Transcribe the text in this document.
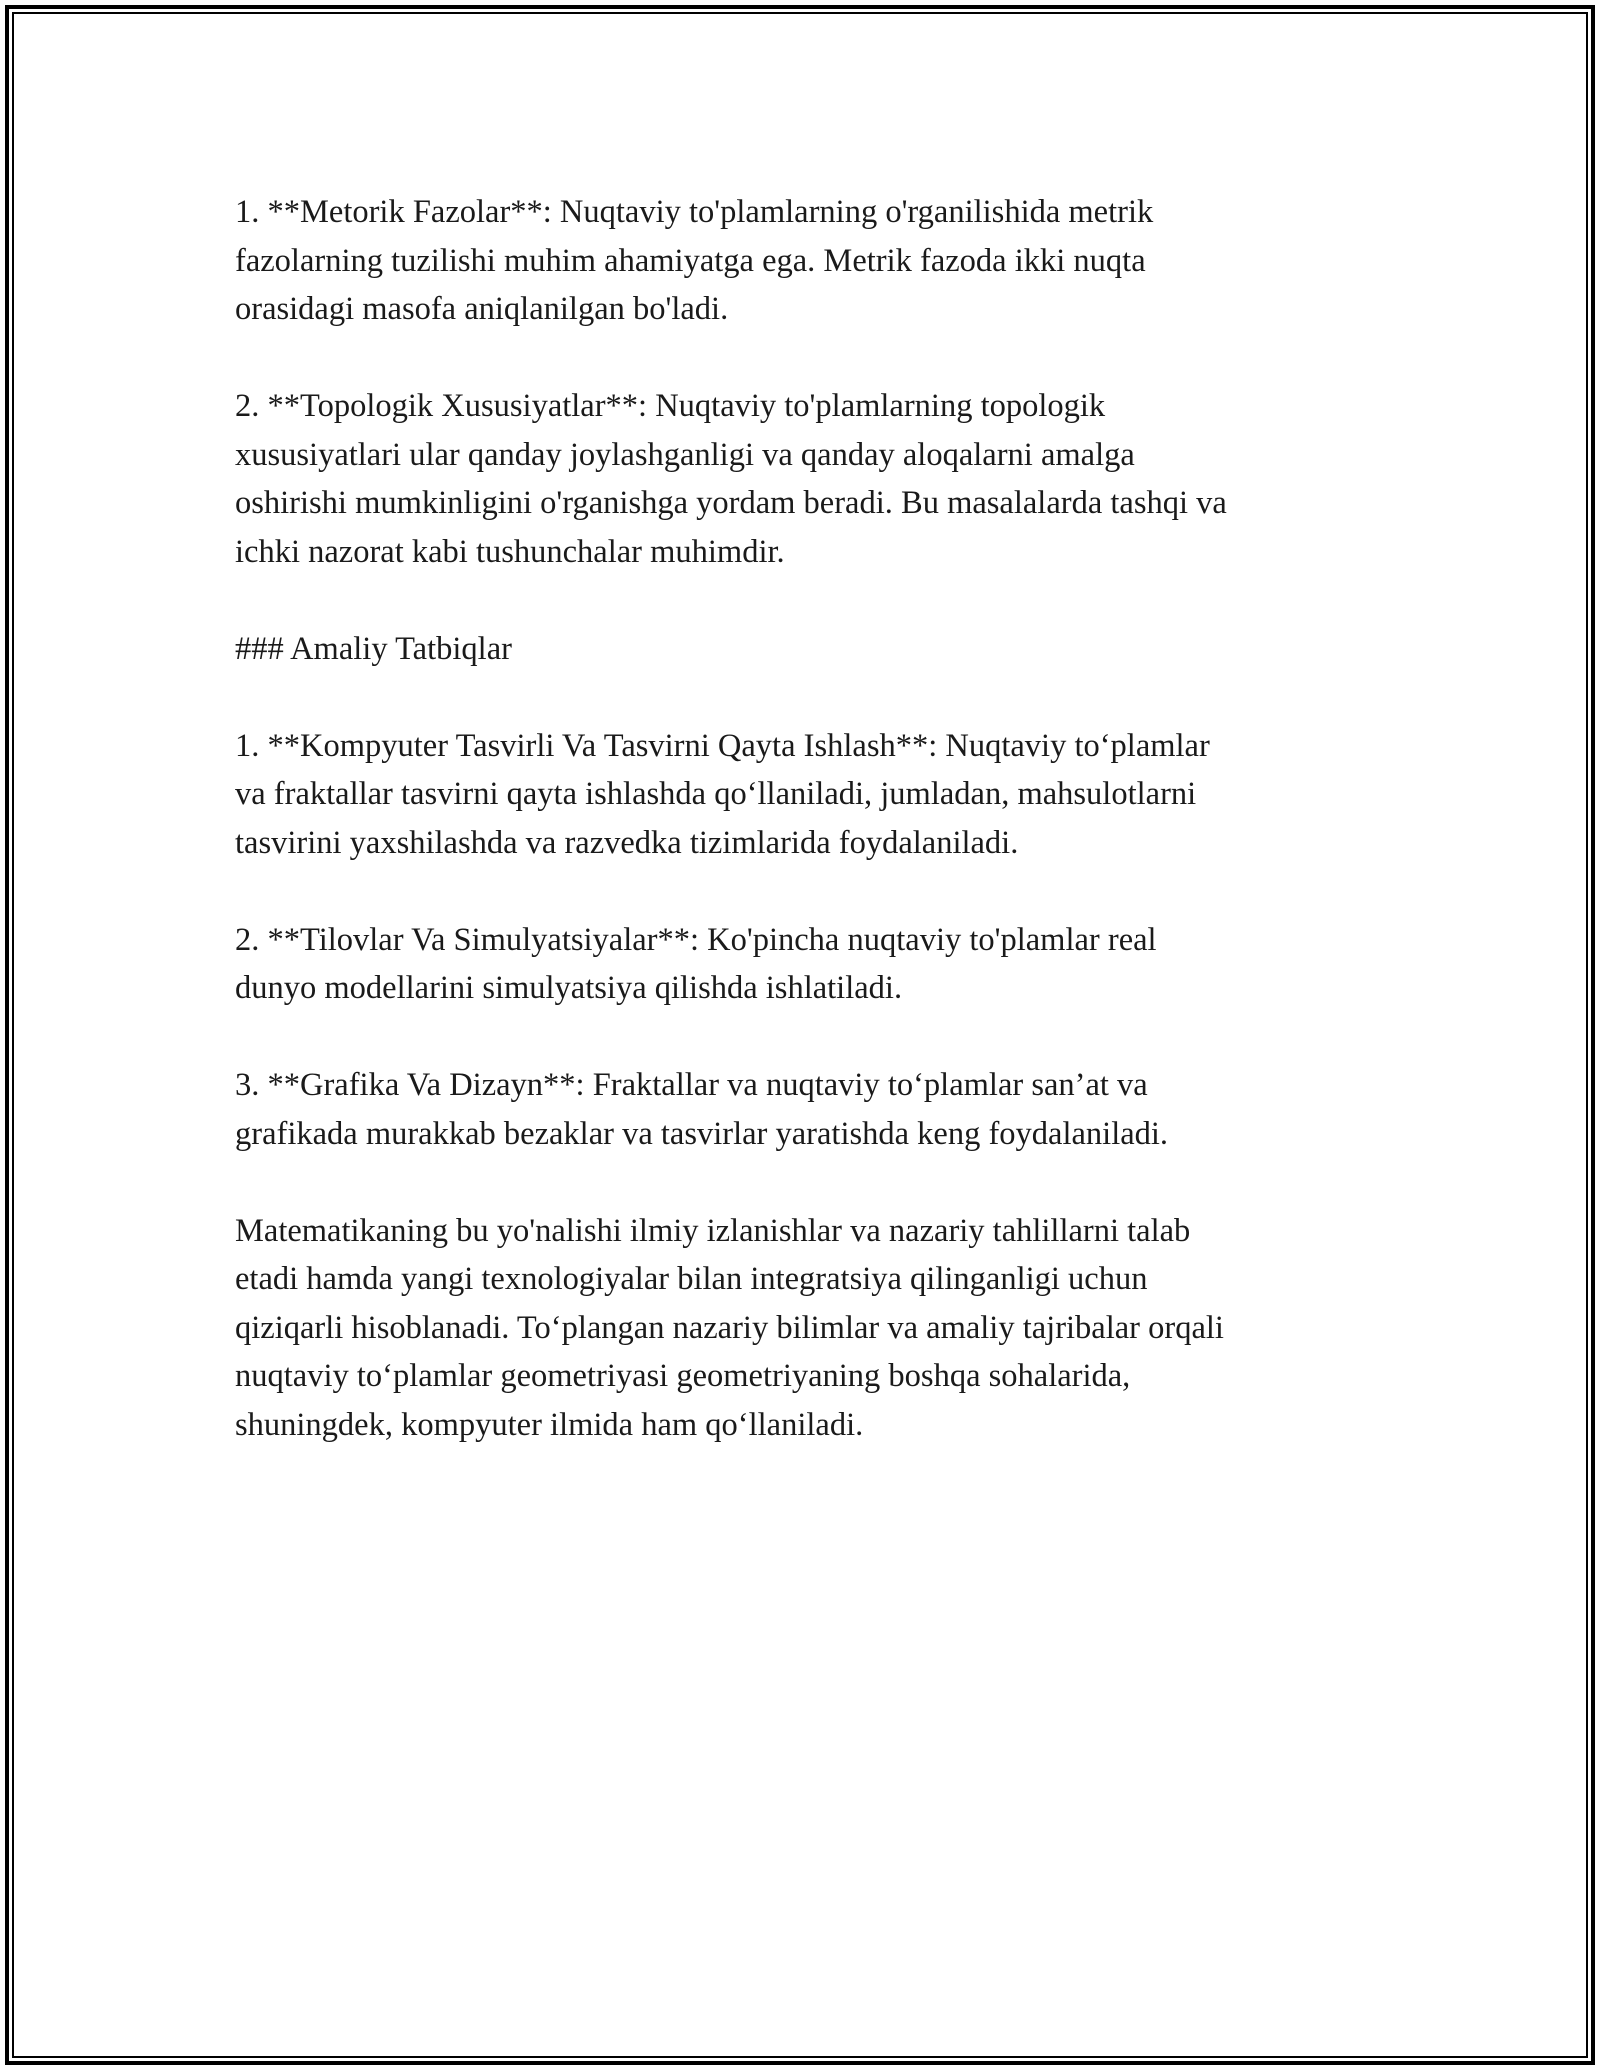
1. **Metorik Fazolar**: Nuqtaviy to'plamlarning o'rganilishida metrik
fazolarning tuzilishi muhim ahamiyatga ega. Metrik fazoda ikki nuqta
orasidagi masofa aniqlanilgan bo'ladi.

2. **Topologik Xususiyatlar**: Nuqtaviy to'plamlarning topologik
xususiyatlari ular qanday joylashganligi va qanday aloqalarni amalga
oshirishi mumkinligini o'rganishga yordam beradi. Bu masalalarda tashqi va
ichki nazorat kabi tushunchalar muhimdir.

### Amaliy Tatbiqlar

1. **Kompyuter Tasvirli Va Tasvirni Qayta Ishlash**: Nuqtaviy to‘plamlar
va fraktallar tasvirni qayta ishlashda qo‘llaniladi, jumladan, mahsulotlarni
tasvirini yaxshilashda va razvedka tizimlarida foydalaniladi.

2. **Tilovlar Va Simulyatsiyalar**: Ko'pincha nuqtaviy to'plamlar real
dunyo modellarini simulyatsiya qilishda ishlatiladi.

3. **Grafika Va Dizayn**: Fraktallar va nuqtaviy to‘plamlar san’at va
grafikada murakkab bezaklar va tasvirlar yaratishda keng foydalaniladi.

Matematikaning bu yo'nalishi ilmiy izlanishlar va nazariy tahlillarni talab
etadi hamda yangi texnologiyalar bilan integratsiya qilinganligi uchun
qiziqarli hisoblanadi. To‘plangan nazariy bilimlar va amaliy tajribalar orqali
nuqtaviy to‘plamlar geometriyasi geometriyaning boshqa sohalarida,
shuningdek, kompyuter ilmida ham qo‘llaniladi.
